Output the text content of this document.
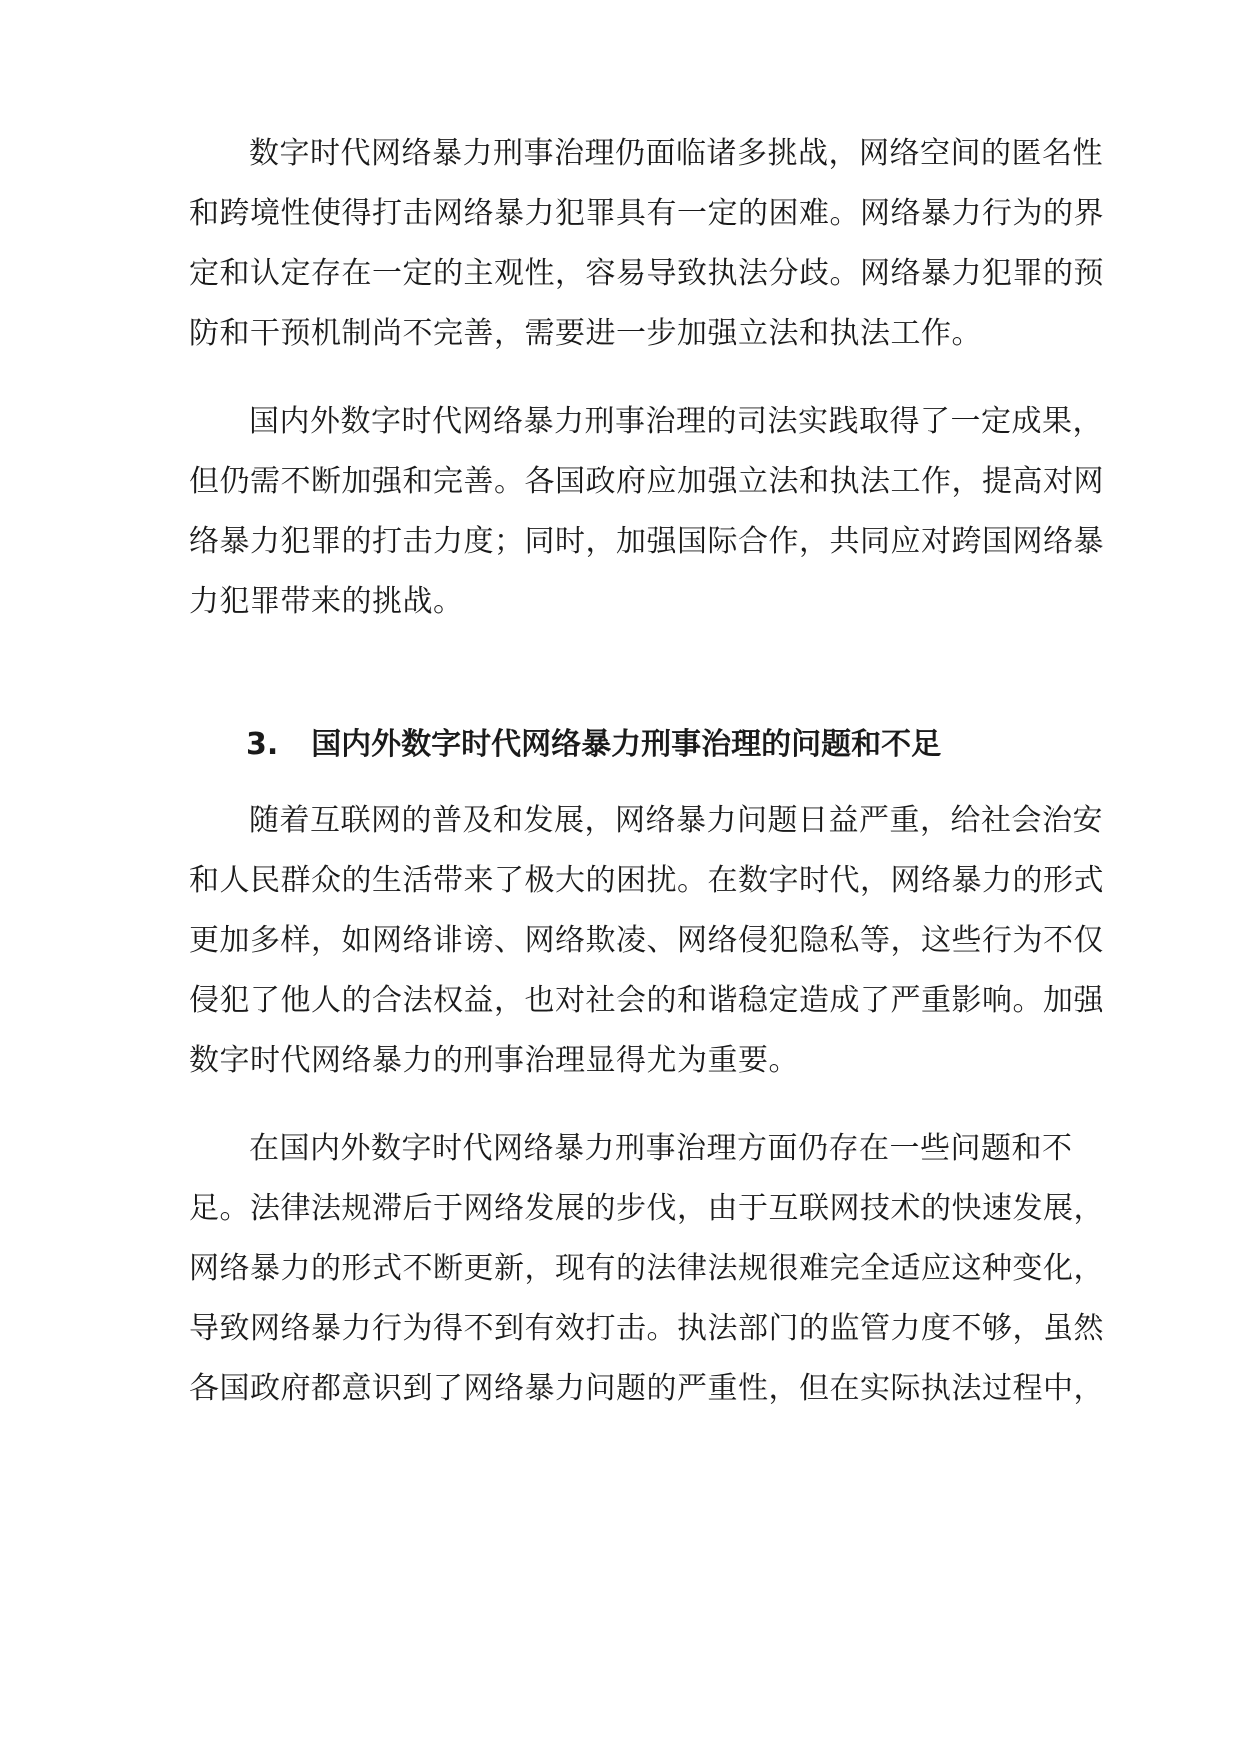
数字时代网络暴力刑事治理仍面临诸多挑战，网络空间的匿名性
和跨境性使得打击网络暴力犯罪具有一定的困难。网络暴力行为的界
定和认定存在一定的主观性，容易导致执法分歧。网络暴力犯罪的预
防和干预机制尚不完善，需要进一步加强立法和执法工作。
国内外数字时代网络暴力刑事治理的司法实践取得了一定成果，
但仍需不断加强和完善。各国政府应加强立法和执法工作，提高对网
络暴力犯罪的打击力度；同时，加强国际合作，共同应对跨国网络暴
力犯罪带来的挑战。
3. 国内外数字时代网络暴力刑事治理的问题和不足
随着互联网的普及和发展，网络暴力问题日益严重，给社会治安
和人民群众的生活带来了极大的困扰。在数字时代，网络暴力的形式
更加多样，如网络诽谤、网络欺凌、网络侵犯隐私等，这些行为不仅
侵犯了他人的合法权益，也对社会的和谐稳定造成了严重影响。加强
数字时代网络暴力的刑事治理显得尤为重要。
在国内外数字时代网络暴力刑事治理方面仍存在一些问题和不
足。法律法规滞后于网络发展的步伐，由于互联网技术的快速发展，
网络暴力的形式不断更新，现有的法律法规很难完全适应这种变化，
导致网络暴力行为得不到有效打击。执法部门的监管力度不够，虽然
各国政府都意识到了网络暴力问题的严重性，但在实际执法过程中，
